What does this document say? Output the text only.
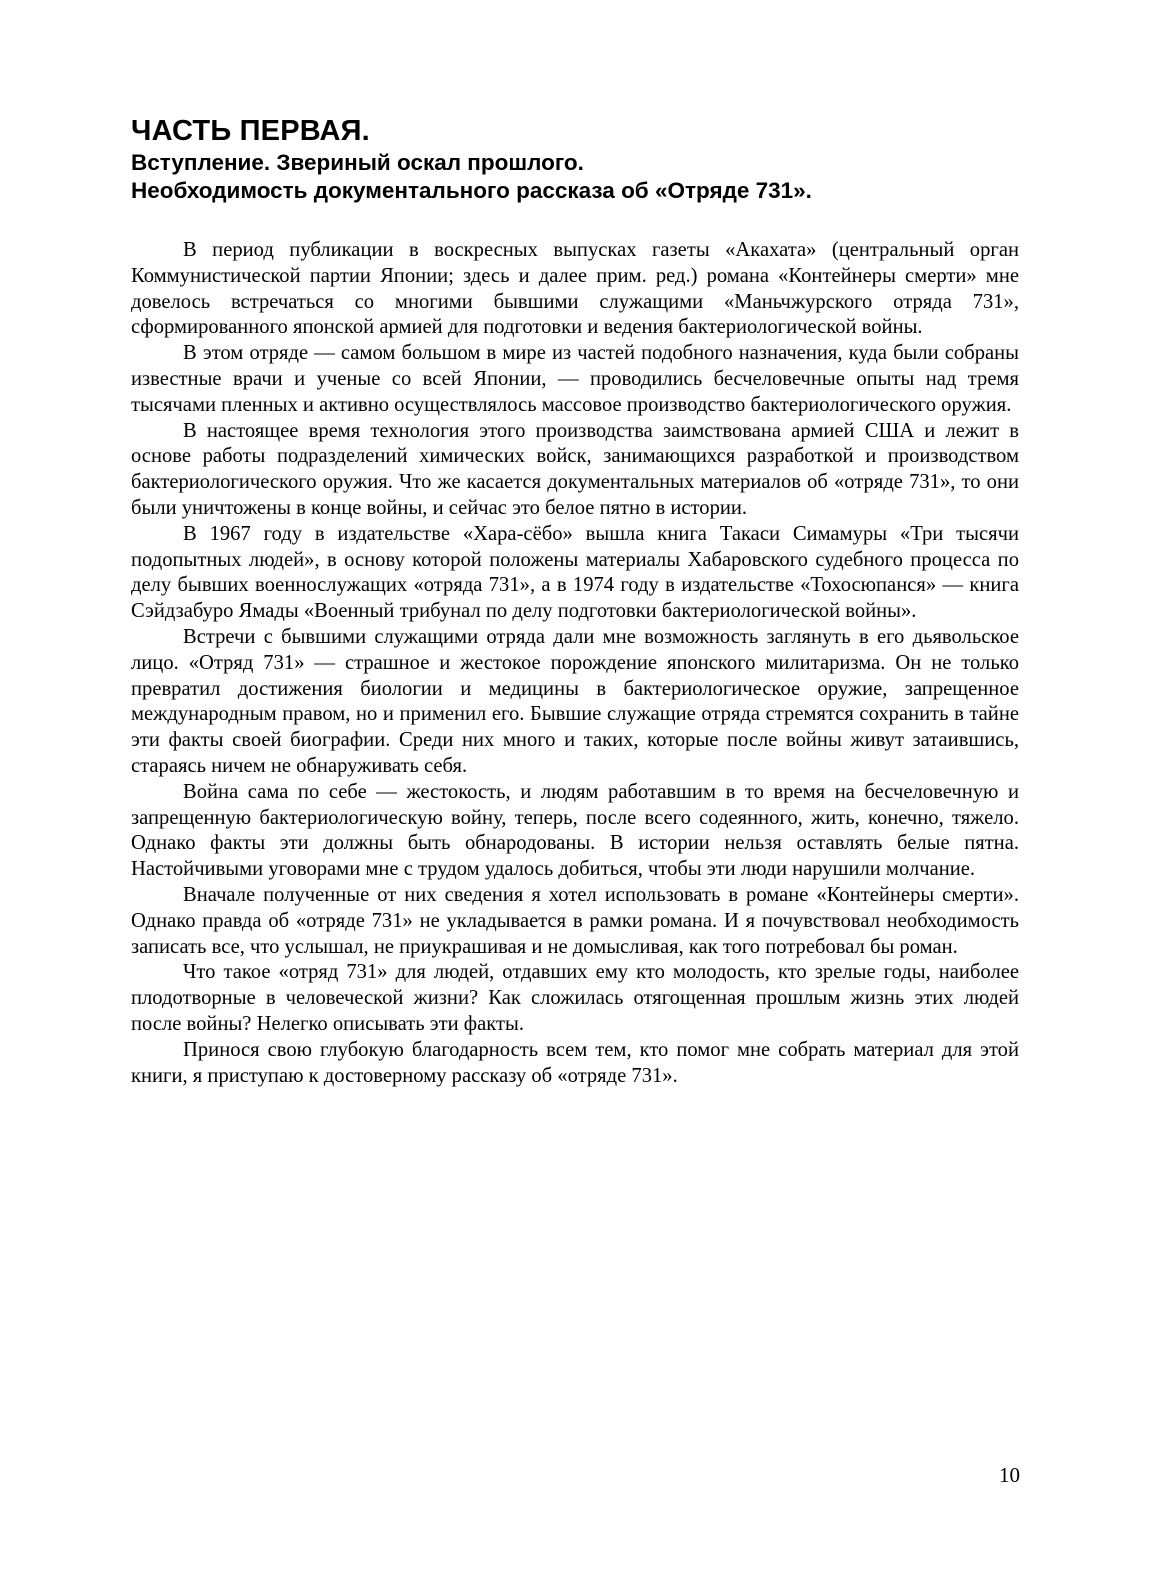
ЧАСТЬ ПЕРВАЯ.
Вступление. Звериный оскал прошлого.
Необходимость документального рассказа об «Отряде 731».

В период публикации в воскресных выпусках газеты «Акахата» (центральный орган Коммунистической партии Японии; здесь и далее прим. ред.) романа «Контейнеры смерти» мне довелось встречаться со многими бывшими служащими «Маньчжурского отряда 731», сформированного японской армией для подготовки и ведения бактериологической войны.

В этом отряде — самом большом в мире из частей подобного назначения, куда были собраны известные врачи и ученые со всей Японии, — проводились бесчеловечные опыты над тремя тысячами пленных и активно осуществлялось массовое производство бактериологического оружия.

В настоящее время технология этого производства заимствована армией США и лежит в основе работы подразделений химических войск, занимающихся разработкой и производством бактериологического оружия. Что же касается документальных материалов об «отряде 731», то они были уничтожены в конце войны, и сейчас это белое пятно в истории.

В 1967 году в издательстве «Хара-сёбо» вышла книга Такаси Симамуры «Три тысячи подопытных людей», в основу которой положены материалы Хабаровского судебного процесса по делу бывших военнослужащих «отряда 731», а в 1974 году в издательстве «Тохосюпанся» — книга Сэйдзабуро Ямады «Военный трибунал по делу подготовки бактериологической войны».

Встречи с бывшими служащими отряда дали мне возможность заглянуть в его дьявольское лицо. «Отряд 731» — страшное и жестокое порождение японского милитаризма. Он не только превратил достижения биологии и медицины в бактериологическое оружие, запрещенное международным правом, но и применил его. Бывшие служащие отряда стремятся сохранить в тайне эти факты своей биографии. Среди них много и таких, которые после войны живут затаившись, стараясь ничем не обнаруживать себя.

Война сама по себе — жестокость, и людям работавшим в то время на бесчеловечную и запрещенную бактериологическую войну, теперь, после всего содеянного, жить, конечно, тяжело. Однако факты эти должны быть обнародованы. В истории нельзя оставлять белые пятна. Настойчивыми уговорами мне с трудом удалось добиться, чтобы эти люди нарушили молчание.

Вначале полученные от них сведения я хотел использовать в романе «Контейнеры смерти». Однако правда об «отряде 731» не укладывается в рамки романа. И я почувствовал необходимость записать все, что услышал, не приукрашивая и не домысливая, как того потребовал бы роман.

Что такое «отряд 731» для людей, отдавших ему кто молодость, кто зрелые годы, наиболее плодотворные в человеческой жизни? Как сложилась отягощенная прошлым жизнь этих людей после войны? Нелегко описывать эти факты.

Принося свою глубокую благодарность всем тем, кто помог мне собрать материал для этой книги, я приступаю к достоверному рассказу об «отряде 731».

10
